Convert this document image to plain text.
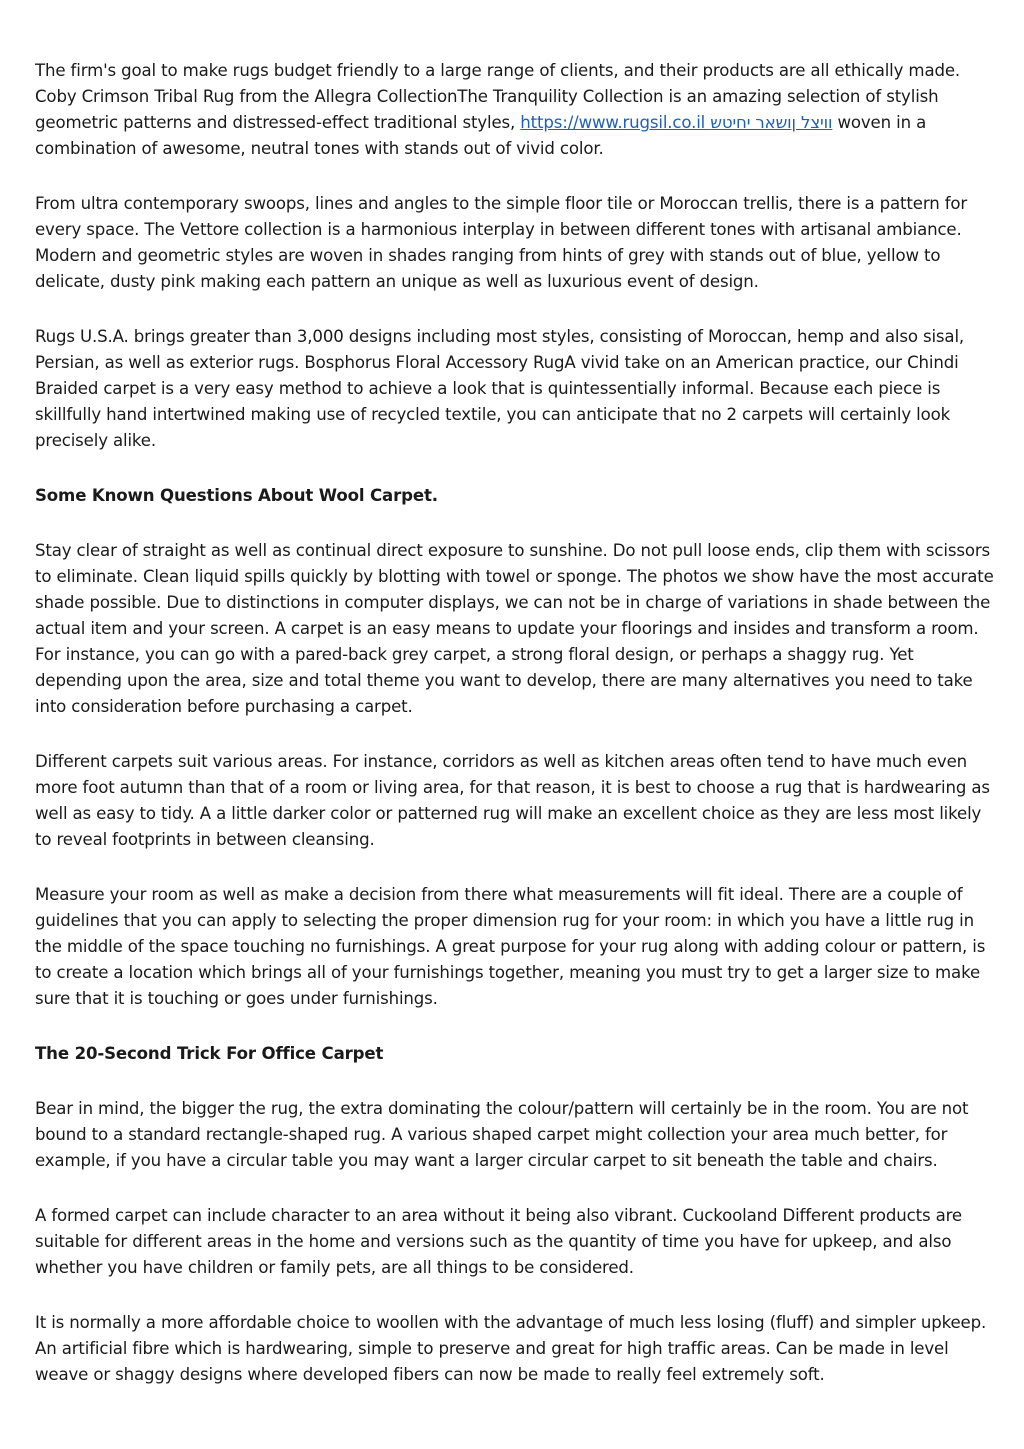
The firm's goal to make rugs budget friendly to a large range of clients, and their products are all ethically made. Coby Crimson Tribal Rug from the Allegra CollectionThe Tranquility Collection is an amazing selection of stylish geometric patterns and distressed-effect traditional styles, https://www.rugsil.co.il וויצל ןושאר יחיטש woven in a combination of awesome, neutral tones with stands out of vivid color.

From ultra contemporary swoops, lines and angles to the simple floor tile or Moroccan trellis, there is a pattern for every space. The Vettore collection is a harmonious interplay in between different tones with artisanal ambiance. Modern and geometric styles are woven in shades ranging from hints of grey with stands out of blue, yellow to delicate, dusty pink making each pattern an unique as well as luxurious event of design.

Rugs U.S.A. brings greater than 3,000 designs including most styles, consisting of Moroccan, hemp and also sisal, Persian, as well as exterior rugs. Bosphorus Floral Accessory RugA vivid take on an American practice, our Chindi Braided carpet is a very easy method to achieve a look that is quintessentially informal. Because each piece is skillfully hand intertwined making use of recycled textile, you can anticipate that no 2 carpets will certainly look precisely alike.

Some Known Questions About Wool Carpet.

Stay clear of straight as well as continual direct exposure to sunshine. Do not pull loose ends, clip them with scissors to eliminate. Clean liquid spills quickly by blotting with towel or sponge. The photos we show have the most accurate shade possible. Due to distinctions in computer displays, we can not be in charge of variations in shade between the actual item and your screen. A carpet is an easy means to update your floorings and insides and transform a room. For instance, you can go with a pared-back grey carpet, a strong floral design, or perhaps a shaggy rug. Yet depending upon the area, size and total theme you want to develop, there are many alternatives you need to take into consideration before purchasing a carpet.

Different carpets suit various areas. For instance, corridors as well as kitchen areas often tend to have much even more foot autumn than that of a room or living area, for that reason, it is best to choose a rug that is hardwearing as well as easy to tidy. A a little darker color or patterned rug will make an excellent choice as they are less most likely to reveal footprints in between cleansing.

Measure your room as well as make a decision from there what measurements will fit ideal. There are a couple of guidelines that you can apply to selecting the proper dimension rug for your room: in which you have a little rug in the middle of the space touching no furnishings. A great purpose for your rug along with adding colour or pattern, is to create a location which brings all of your furnishings together, meaning you must try to get a larger size to make sure that it is touching or goes under furnishings.

The 20-Second Trick For Office Carpet

Bear in mind, the bigger the rug, the extra dominating the colour/pattern will certainly be in the room. You are not bound to a standard rectangle-shaped rug. A various shaped carpet might collection your area much better, for example, if you have a circular table you may want a larger circular carpet to sit beneath the table and chairs.

A formed carpet can include character to an area without it being also vibrant. Cuckooland Different products are suitable for different areas in the home and versions such as the quantity of time you have for upkeep, and also whether you have children or family pets, are all things to be considered.

It is normally a more affordable choice to woollen with the advantage of much less losing (fluff) and simpler upkeep. An artificial fibre which is hardwearing, simple to preserve and great for high traffic areas. Can be made in level weave or shaggy designs where developed fibers can now be made to really feel extremely soft.
